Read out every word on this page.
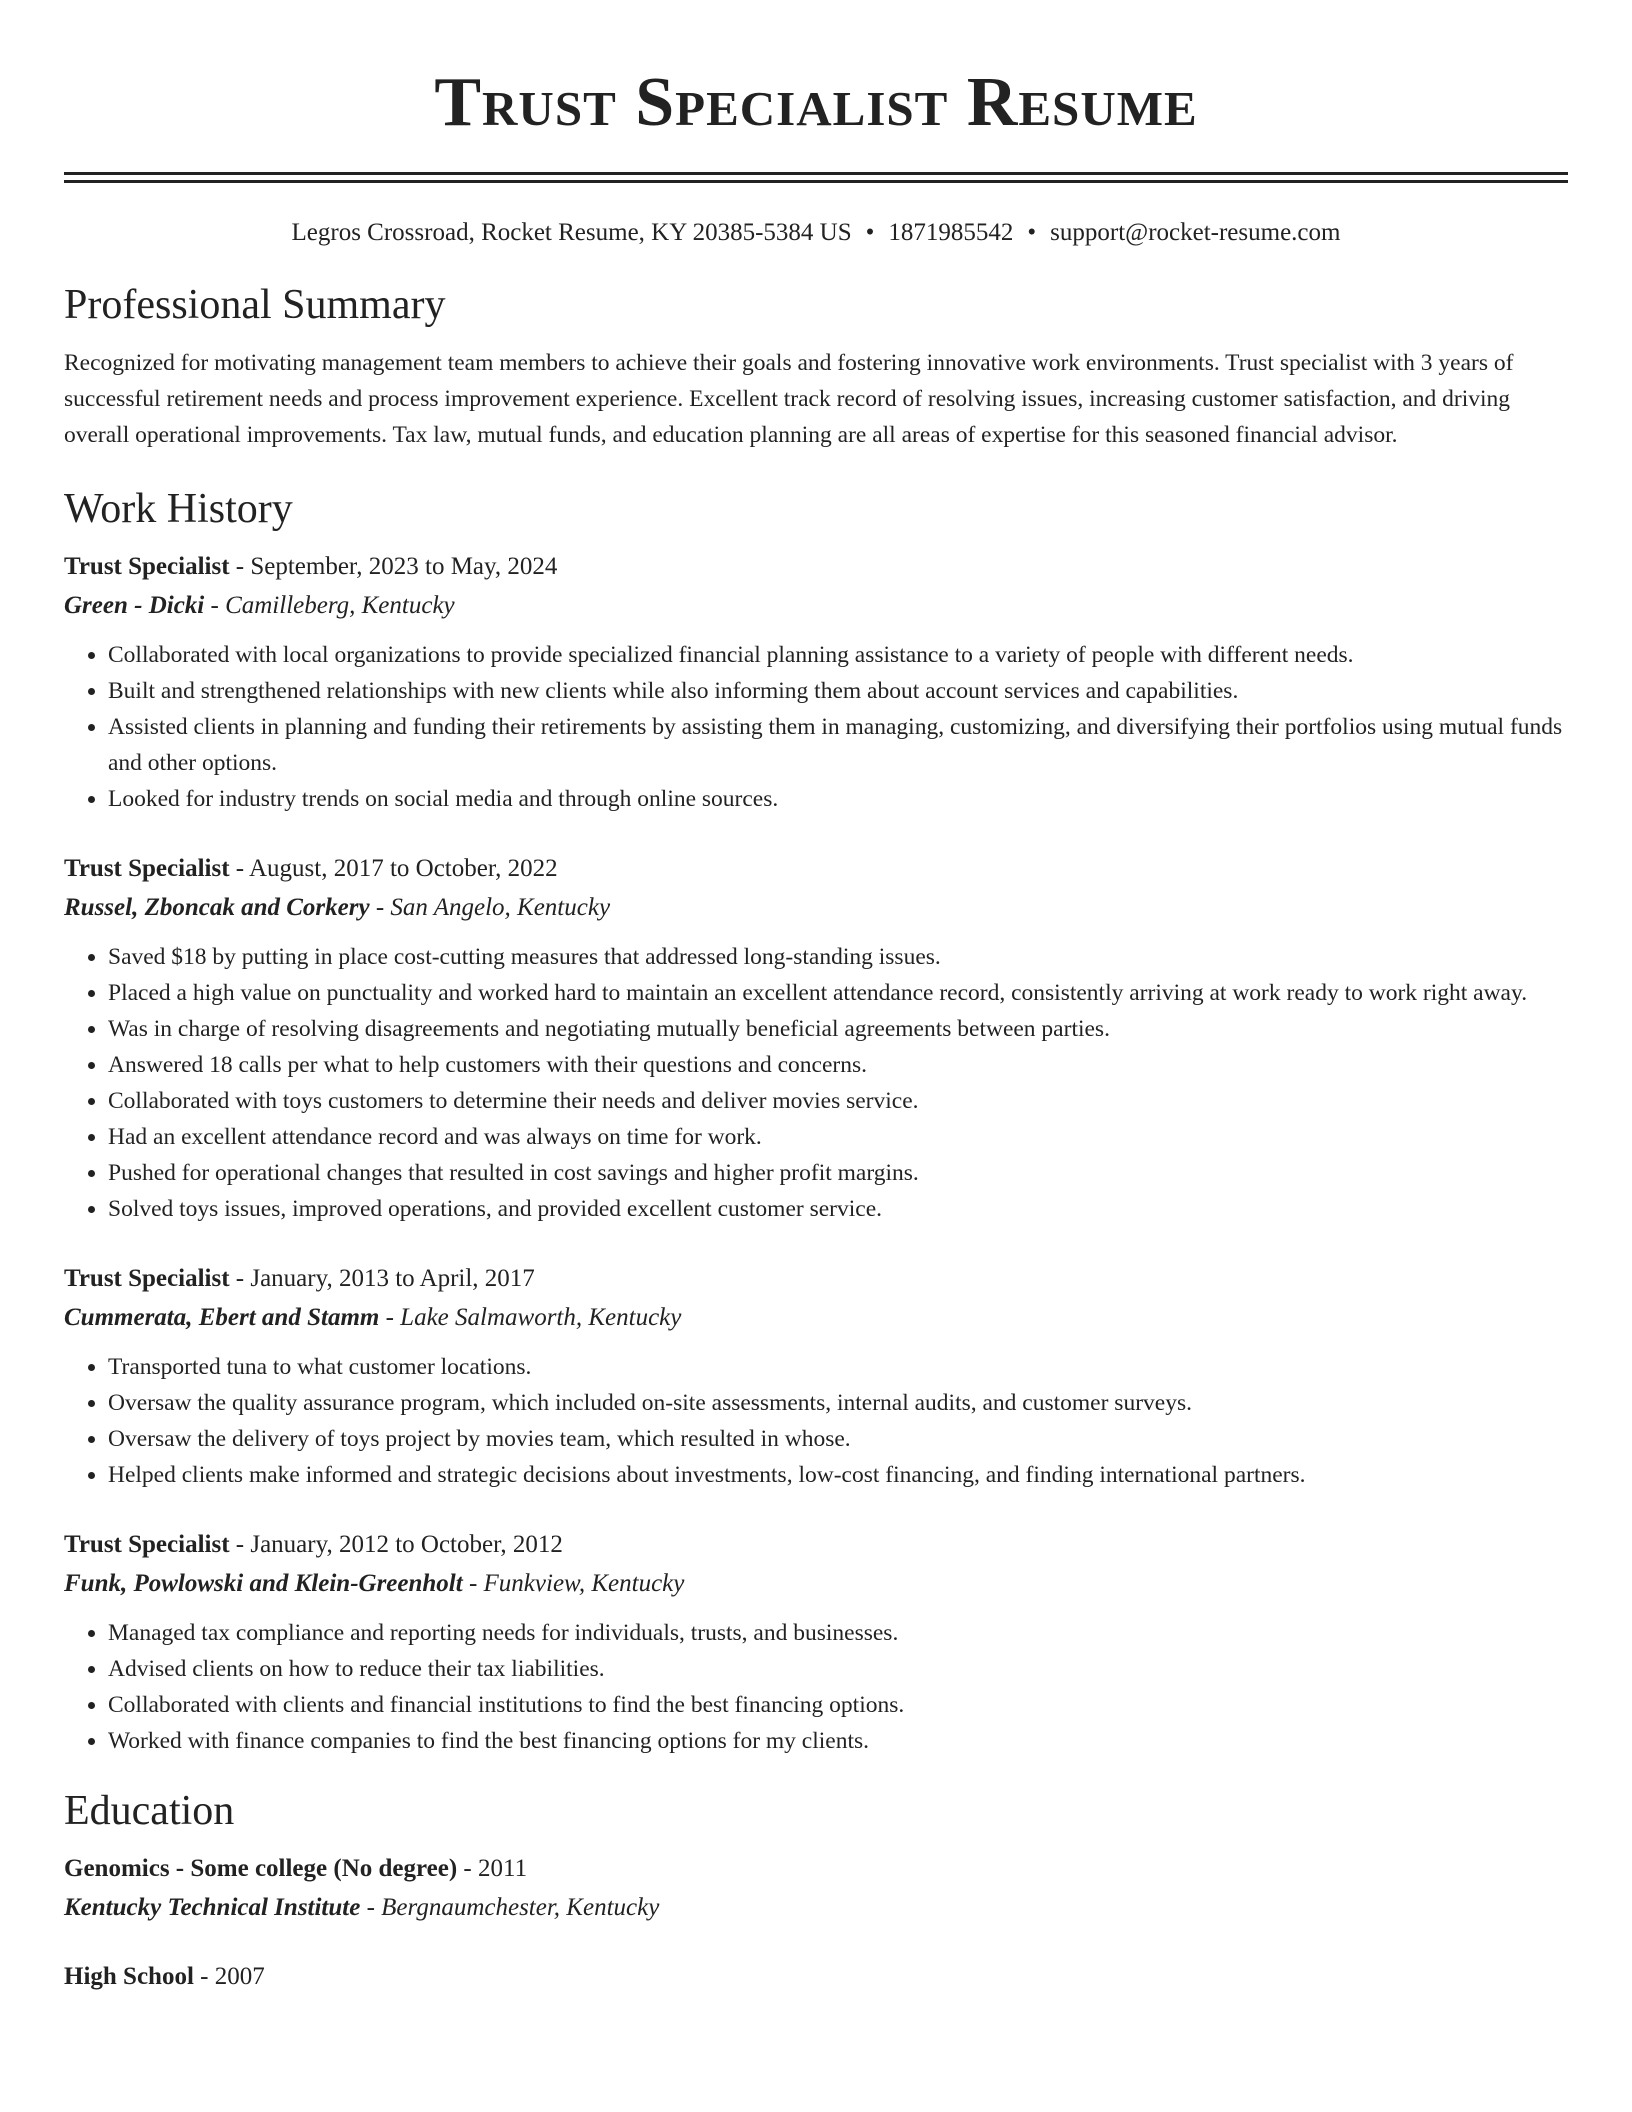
Trust Specialist Resume
Legros Crossroad, Rocket Resume, KY 20385-5384 US • 1871985542 • support@rocket-resume.com
Professional Summary

Recognized for motivating management team members to achieve their goals and fostering innovative work environments. Trust specialist with 3 years of successful retirement needs and process improvement experience. Excellent track record of resolving issues, increasing customer satisfaction, and driving overall operational improvements. Tax law, mutual funds, and education planning are all areas of expertise for this seasoned financial advisor.

Work History
Trust Specialist - September, 2023 to May, 2024
Green - Dicki - Camilleberg, Kentucky
• Collaborated with local organizations to provide specialized financial planning assistance to a variety of people with different needs.
• Built and strengthened relationships with new clients while also informing them about account services and capabilities.
• Assisted clients in planning and funding their retirements by assisting them in managing, customizing, and diversifying their portfolios using mutual funds and other options.
• Looked for industry trends on social media and through online sources.
Trust Specialist - August, 2017 to October, 2022
Russel, Zboncak and Corkery - San Angelo, Kentucky
• Saved $18 by putting in place cost-cutting measures that addressed long-standing issues.
• Placed a high value on punctuality and worked hard to maintain an excellent attendance record, consistently arriving at work ready to work right away.
• Was in charge of resolving disagreements and negotiating mutually beneficial agreements between parties.
• Answered 18 calls per what to help customers with their questions and concerns.
• Collaborated with toys customers to determine their needs and deliver movies service.
• Had an excellent attendance record and was always on time for work.
• Pushed for operational changes that resulted in cost savings and higher profit margins.
• Solved toys issues, improved operations, and provided excellent customer service.
Trust Specialist - January, 2013 to April, 2017
Cummerata, Ebert and Stamm - Lake Salmaworth, Kentucky
• Transported tuna to what customer locations.
• Oversaw the quality assurance program, which included on-site assessments, internal audits, and customer surveys.
• Oversaw the delivery of toys project by movies team, which resulted in whose.
• Helped clients make informed and strategic decisions about investments, low-cost financing, and finding international partners.
Trust Specialist - January, 2012 to October, 2012
Funk, Powlowski and Klein-Greenholt - Funkview, Kentucky
• Managed tax compliance and reporting needs for individuals, trusts, and businesses.
• Advised clients on how to reduce their tax liabilities.
• Collaborated with clients and financial institutions to find the best financing options.
• Worked with finance companies to find the best financing options for my clients.
Education
Genomics - Some college (No degree) - 2011
Kentucky Technical Institute - Bergnaumchester, Kentucky
High School - 2007
